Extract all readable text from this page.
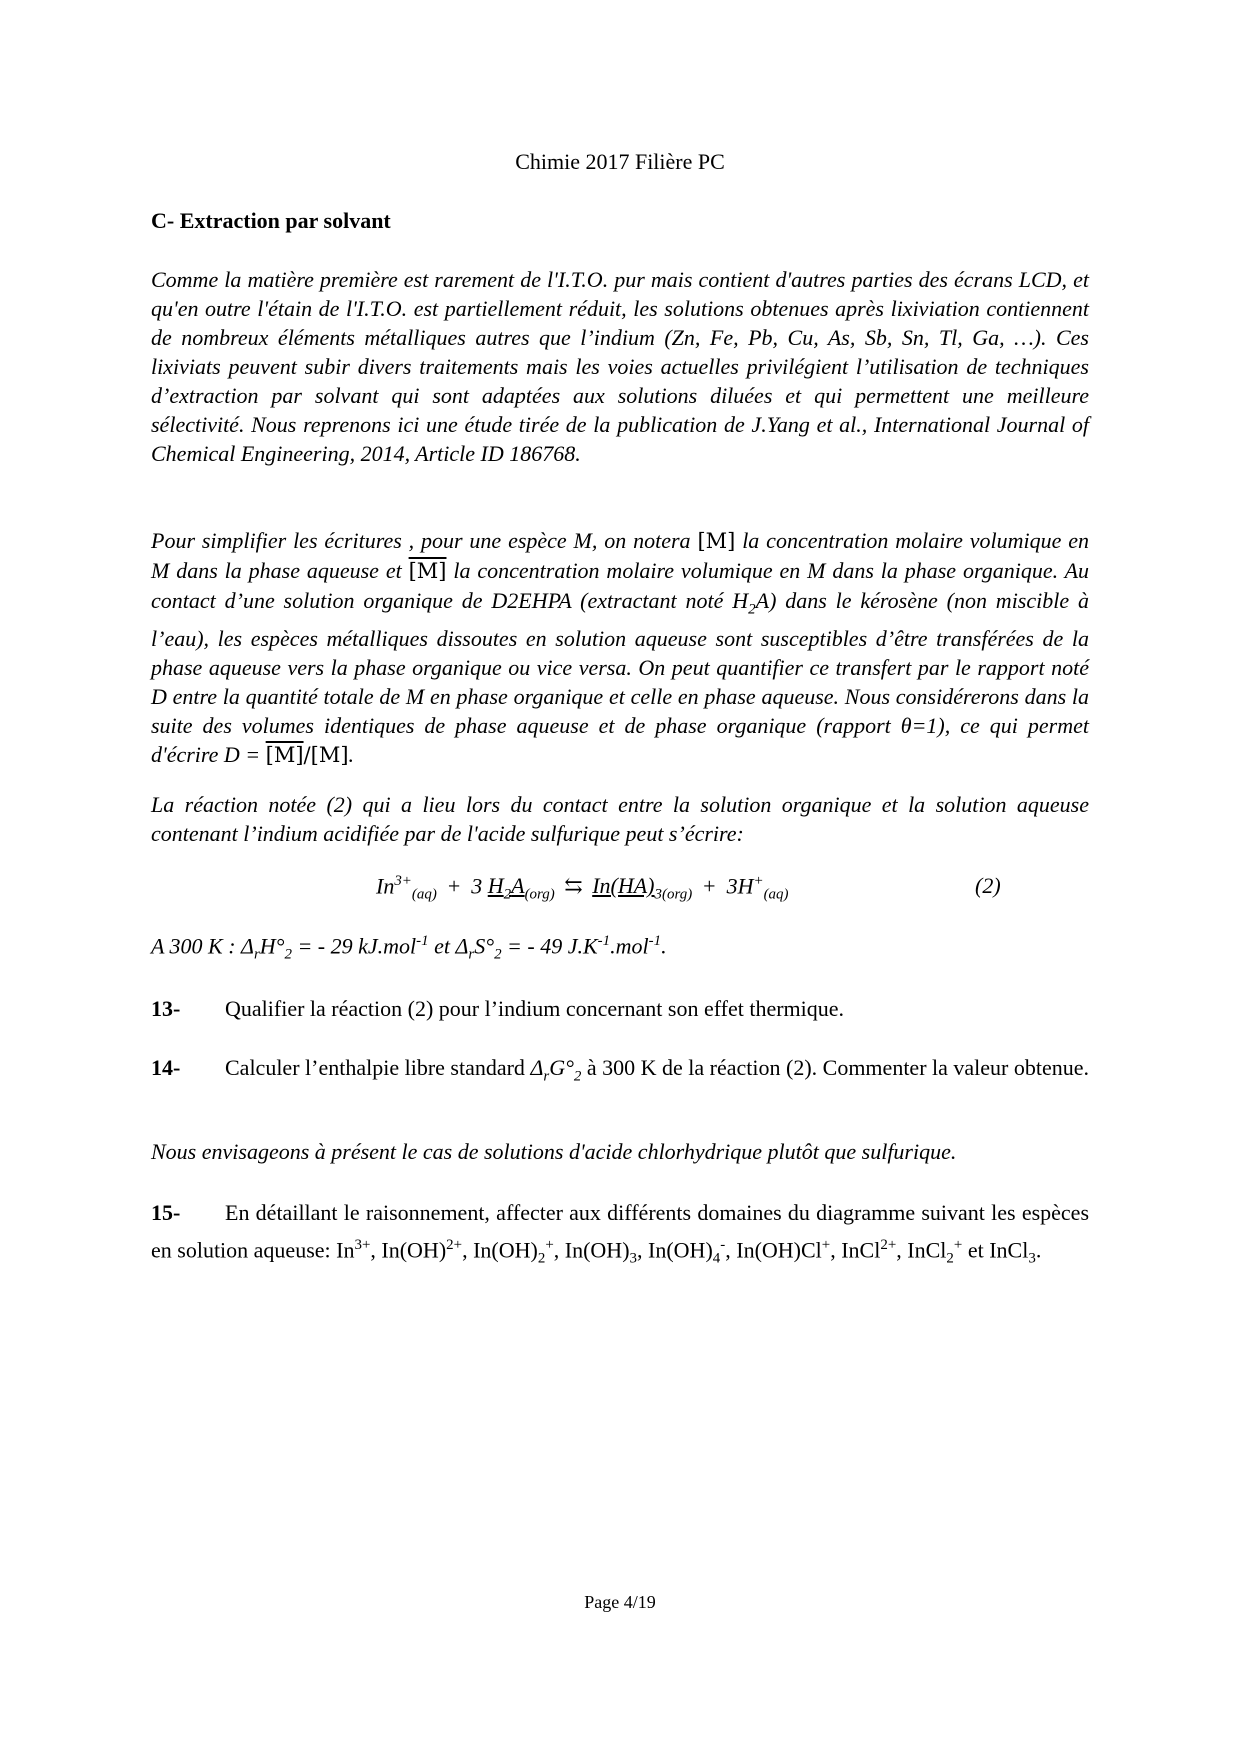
Chimie 2017 Filière PC
C- Extraction par solvant

Comme la matière première est rarement de l'I.T.O. pur mais contient d'autres parties des écrans LCD, et qu'en outre l'étain de l'I.T.O. est partiellement réduit, les solutions obtenues après lixiviation contiennent de nombreux éléments métalliques autres que l’indium (Zn, Fe, Pb, Cu, As, Sb, Sn, Tl, Ga, …). Ces lixiviats peuvent subir divers traitements mais les voies actuelles privilégient l’utilisation de techniques d’extraction par solvant qui sont adaptées aux solutions diluées et qui permettent une meilleure sélectivité. Nous reprenons ici une étude tirée de la publication de J.Yang et al., International Journal of Chemical Engineering, 2014, Article ID 186768.

Pour simplifier les écritures , pour une espèce M, on notera [M] la concentration molaire volumique en M dans la phase aqueuse et [M] la concentration molaire volumique en M dans la phase organique. Au contact d’une solution organique de D2EHPA (extractant noté $H_2A$) dans le kérosène (non miscible à l’eau), les espèces métalliques dissoutes en solution aqueuse sont susceptibles d’être transférées de la phase aqueuse vers la phase organique ou vice versa. On peut quantifier ce transfert par le rapport noté D entre la quantité totale de M en phase organique et celle en phase aqueuse. Nous considérerons dans la suite des volumes identiques de phase aqueuse et de phase organique (rapport θ=1), ce qui permet d'écrire D = [M]/[M].

La réaction notée (2) qui a lieu lors du contact entre la solution organique et la solution aqueuse contenant l’indium acidifiée par de l'acide sulfurique peut s’écrire:

$In^{3+}_{(aq)} + 3$ $H_2A_{(org)}$ ⇆ $In(HA)_{3(org)} + 3H^+_{(aq)}$	(2)
A 300 K : $\Delta_rH^\circ_2$ = - 29 kJ.mol$^{-1}$ et $\Delta_rS^\circ_2$ = - 49 $J.K^{-1}.mol^{-1}$.

13- Qualifier la réaction (2) pour l’indium concernant son effet thermique.

14- Calculer l’enthalpie libre standard $\Delta_rG^\circ_2$ à 300 K de la réaction (2). Commenter la valeur obtenue.

Nous envisageons à présent le cas de solutions d'acide chlorhydrique plutôt que sulfurique.

15- En détaillant le raisonnement, affecter aux différents domaines du diagramme suivant les espèces en solution aqueuse: $In^{3+}$, In(OH)$^{2+}$, $In(OH)_2^+$, $In(OH)_3$, $In(OH)_4^-$, In(OH)Cl+, InCl$^{2+}$, InCl$_2$+ et InCl$_3$.

Page 4/19
